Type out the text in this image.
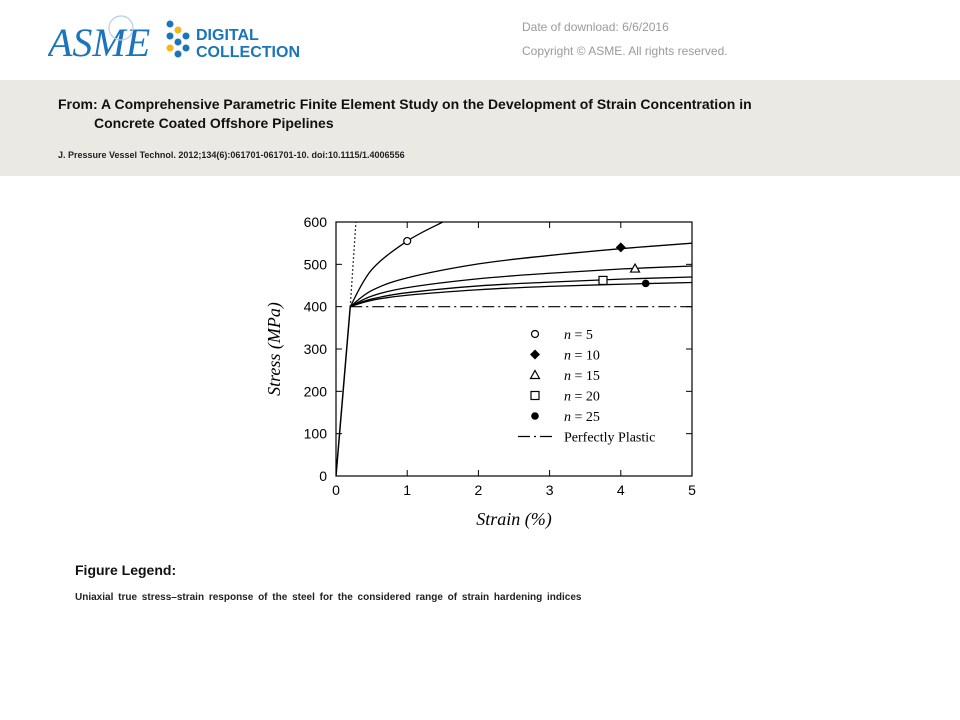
ASME	DIGITAL
COLLECTION
Date of download: 6/6/2016
Copyright © ASME. All rights reserved.
From: A Comprehensive Parametric Finite Element Study on the Development of Strain Concentration in
Concrete Coated Offshore Pipelines
J. Pressure Vessel Technol. 2012;134(6):061701-061701-10. doi:10.1115/1.4006556
0	1	2	3	4	5
0
100
200
300
400
500
600
Strain (%)
Stress (MPa)	n = 5
n = 10
n = 15
n = 20
n = 25
Perfectly Plastic
Figure Legend:
Uniaxial true stress–strain response of the steel for the considered range of strain hardening indices
